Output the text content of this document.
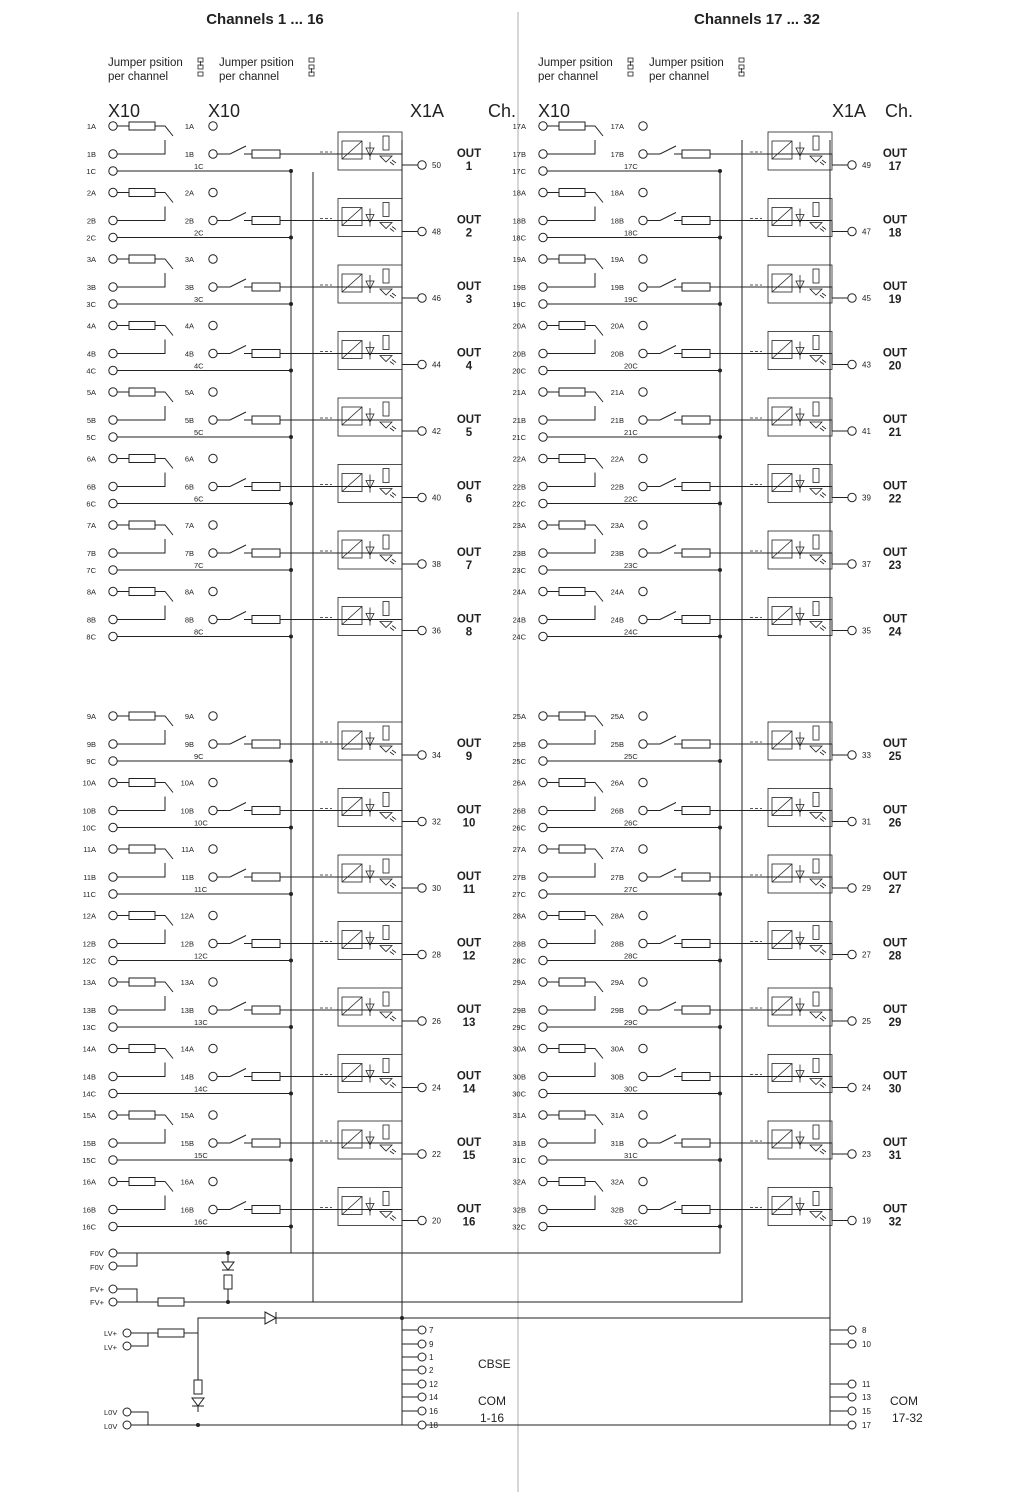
Channels 1 ... 16	Channels 17 ... 32
Jumper psition
per channel
Jumper psition
per channel
Jumper psition
per channel
Jumper psition
per channel
X10	X10	X1A Ch. X10	X1A Ch.
1A
1B
1C
1A
1B
1C	50
OUT
1
2A
2B
2C
2A
2B
2C	48
OUT
2
3A
3B
3C
3A
3B
3C	46
OUT
3
4A
4B
4C
4A
4B
4C	44
OUT
4
5A
5B
5C
5A
5B
5C	42
OUT
5
6A
6B
6C
6A
6B
6C	40
OUT
6
7A
7B
7C
7A
7B
7C	38
OUT
7
8A
8B
8C
8A
8B
8C	36
OUT
8
9A
9B
9C
9A
9B
9C	34
OUT
9
10A
10B
10C
10A
10B
10C	32
OUT
10
11A
11B
11C
11A
11B
11C	30
OUT
11
12A
12B
12C
12A
12B
12C	28
OUT
12
13A
13B
13C
13A
13B
13C	26
OUT
13
14A
14B
14C
14A
14B
14C	24
OUT
14
15A
15B
15C
15A
15B
15C	22
OUT
15
16A
16B
16C
16A
16B
16C	20
OUT
16
17A
17B
17C
17A
17B
17C	49
OUT
17
18A
18B
18C
18A
18B
18C	47
OUT
18
19A
19B
19C
19A
19B
19C	45
OUT
19
20A
20B
20C
20A
20B
20C	43
OUT
20
21A
21B
21C
21A
21B
21C	41
OUT
21
22A
22B
22C
22A
22B
22C	39
OUT
22
23A
23B
23C
23A
23B
23C	37
OUT
23
24A
24B
24C
24A
24B
24C	35
OUT
24
25A
25B
25C
25A
25B
25C	33
OUT
25
26A
26B
26C
26A
26B
26C	31
OUT
26
27A
27B
27C
27A
27B
27C	29
OUT
27
28A
28B
28C
28A
28B
28C	27
OUT
28
29A
29B
29C
29A
29B
29C	25
OUT
29
30A
30B
30C
30A
30B
30C	24
OUT
30
31A
31B
31C
31A
31B
31C	23
OUT
31
32A
32B
32C
32A
32B
32C	19
OUT
32
F0V
F0V
FV+
FV+
LV+
LV+
L0V
L0V
7
9
1
2
12
14
16
18
CBSE
COM
1-16
8
10
11
13
15
17
COM
17-32
